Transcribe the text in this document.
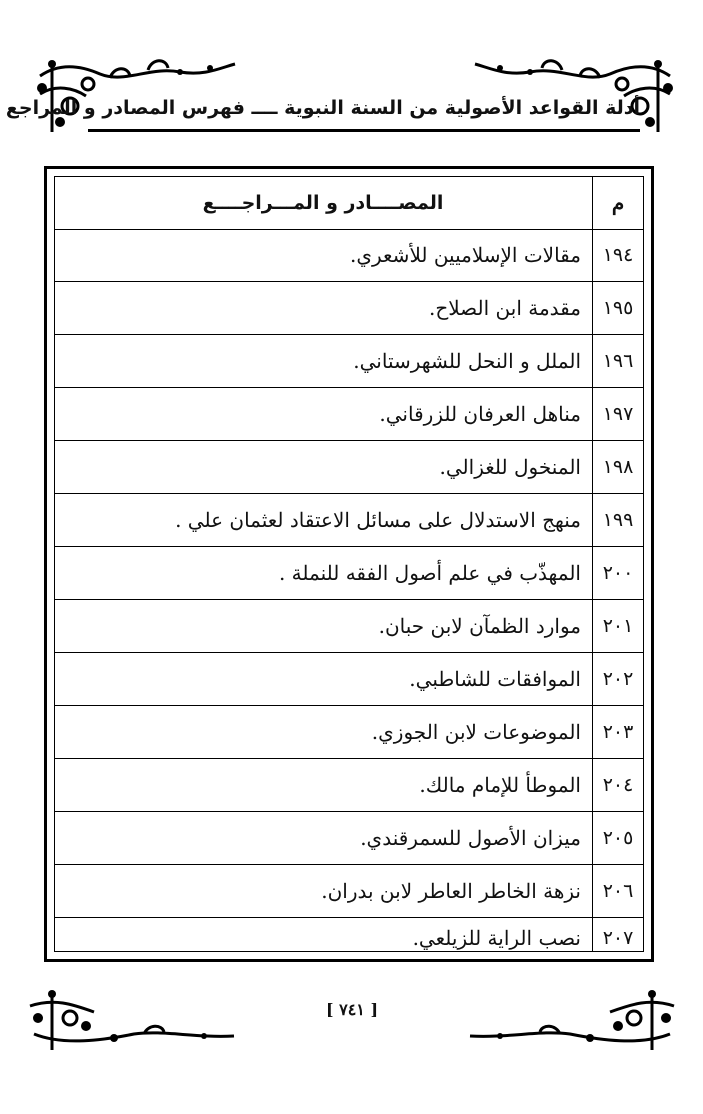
أدلة القواعد الأصولية من السنة النبوية ــــ فهرس المصادر و المراجع
م
المصــــادر و المـــراجــــع
١٩٤
مقالات الإسلاميين للأشعري.
١٩٥
مقدمة ابن الصلاح.
١٩٦
الملل و النحل للشهرستاني.
١٩٧
مناهل العرفان للزرقاني.
١٩٨
المنخول للغزالي.
١٩٩
منهج الاستدلال على مسائل الاعتقاد لعثمان علي .
٢٠٠
المهذّب في علم أصول الفقه للنملة .
٢٠١
موارد الظمآن لابن حبان.
٢٠٢
الموافقات للشاطبي.
٢٠٣
الموضوعات لابن الجوزي.
٢٠٤
الموطأ للإمام مالك.
٢٠٥
ميزان الأصول للسمرقندي.
٢٠٦
نزهة الخاطر العاطر لابن بدران.
٢٠٧
نصب الراية للزيلعي.
[ ٧٤١ ]
